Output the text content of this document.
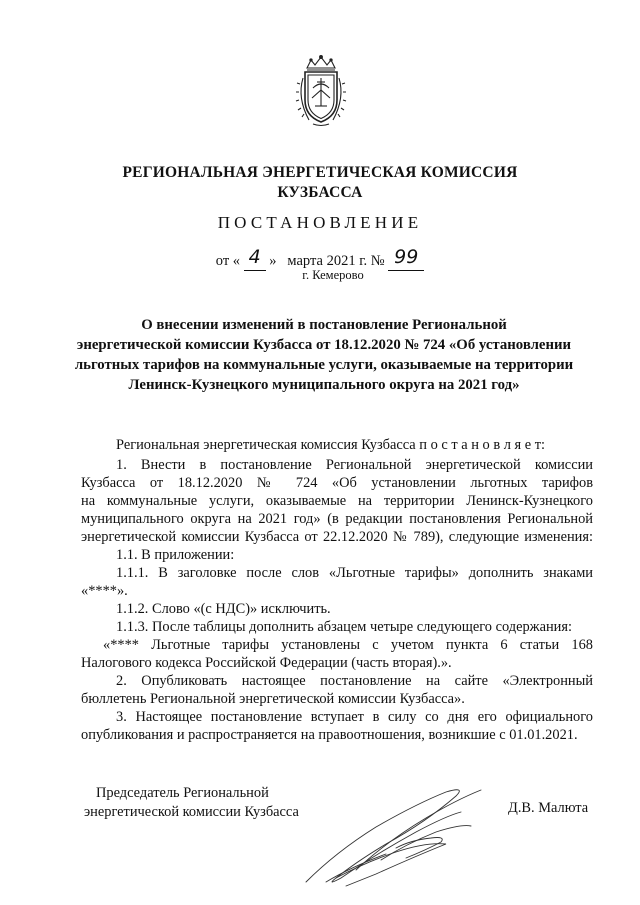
РЕГИОНАЛЬНАЯ ЭНЕРГЕТИЧЕСКАЯ КОМИССИЯ
КУЗБАССА
ПОСТАНОВЛЕНИЕ
от « 4 » марта 2021 г. № 99
г. Кемерово
О внесении изменений в постановление Региональной
энергетической комиссии Кузбасса от 18.12.2020 № 724 «Об установлении
льготных тарифов на коммунальные услуги, оказываемые на территории
Ленинск-Кузнецкого муниципального округа на 2021 год»
Региональная энергетическая комиссия Кузбасса п о с т а н о в л я е т:
1. Внести в постановление Региональной энергетической комиссии
Кузбасса от 18.12.2020 № 724 «Об установлении льготных тарифов
на коммунальные услуги, оказываемые на территории Ленинск-Кузнецкого
муниципального округа на 2021 год» (в редакции постановления Региональной
энергетической комиссии Кузбасса от 22.12.2020 № 789), следующие изменения:
1.1. В приложении:
1.1.1. В заголовке после слов «Льготные тарифы» дополнить знаками
«****».
1.1.2. Слово «(с НДС)» исключить.
1.1.3. После таблицы дополнить абзацем четыре следующего содержания:
«**** Льготные тарифы установлены с учетом пункта 6 статьи 168
Налогового кодекса Российской Федерации (часть вторая).».
2. Опубликовать настоящее постановление на сайте «Электронный
бюллетень Региональной энергетической комиссии Кузбасса».
3. Настоящее постановление вступает в силу со дня его официального
опубликования и распространяется на правоотношения, возникшие с 01.01.2021.
Председатель Региональной
энергетической комиссии Кузбасса	Д.В. Малюта
